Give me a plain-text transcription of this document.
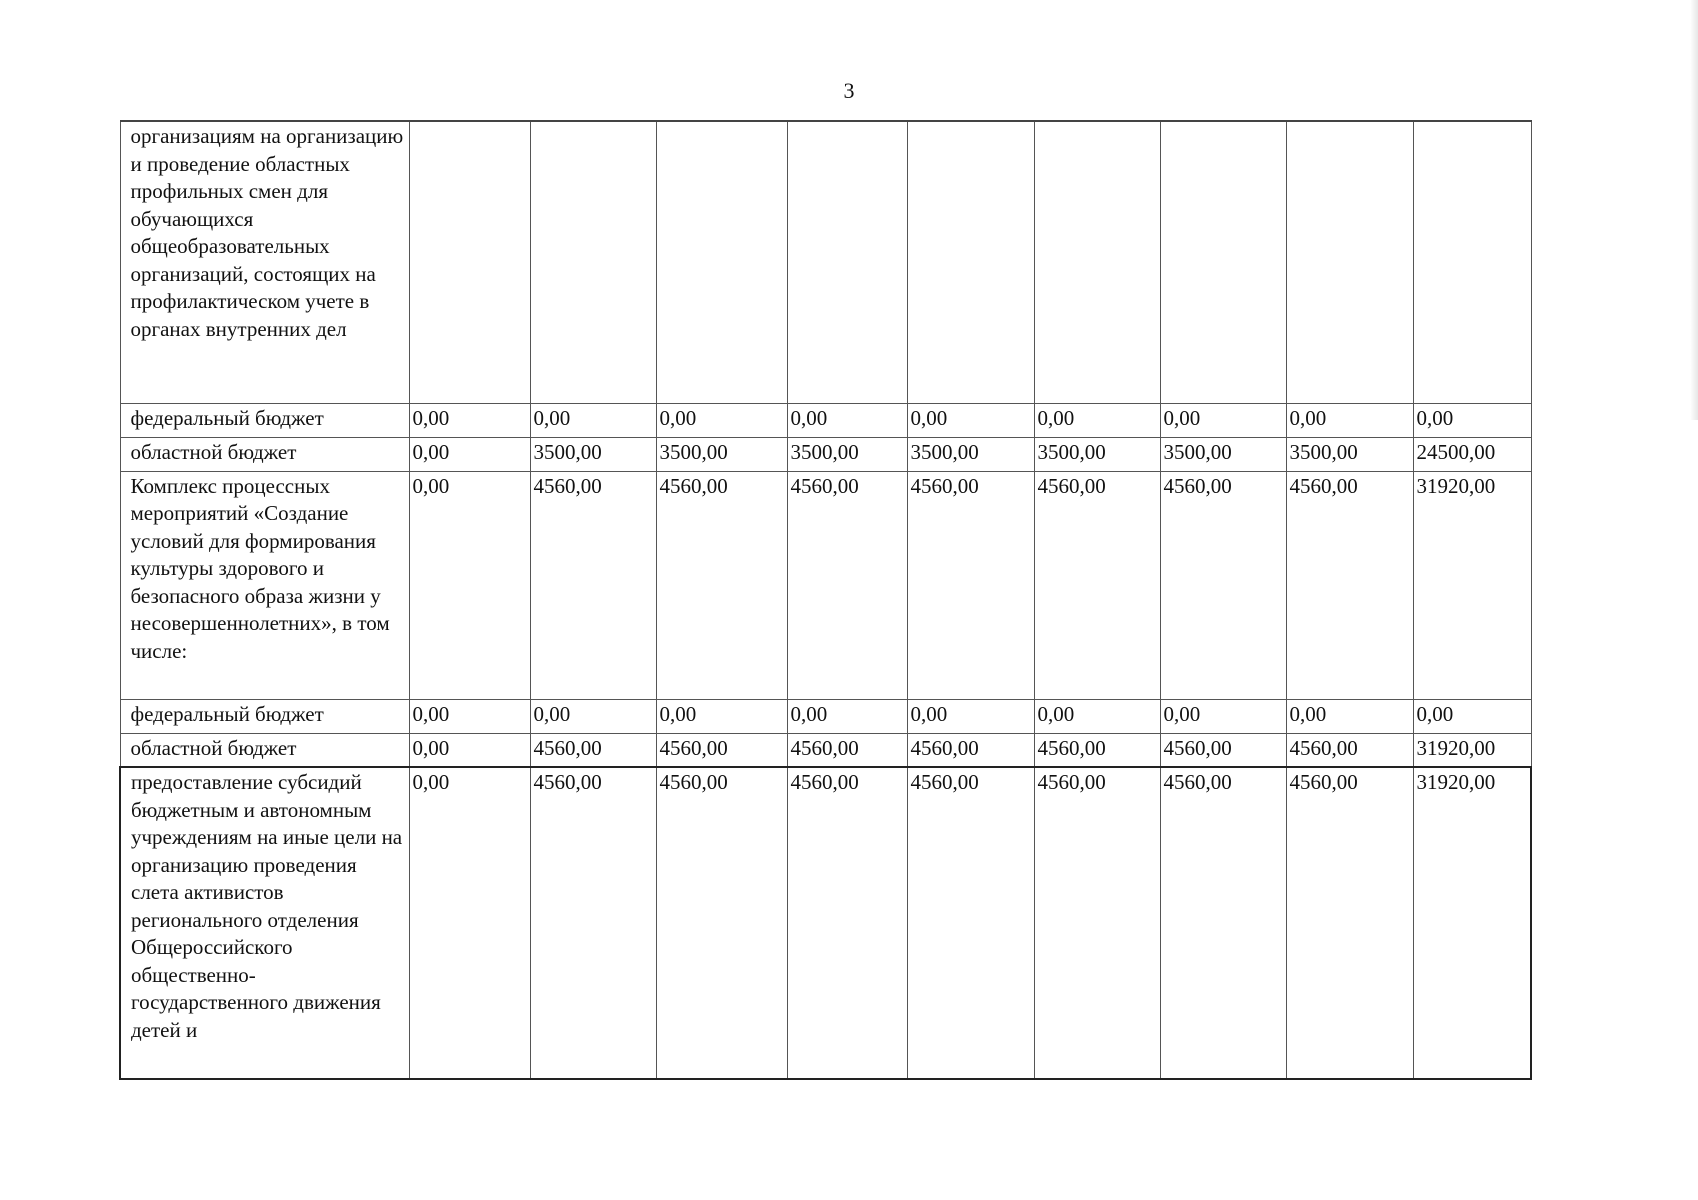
3
организациям на организацию и проведение областных профильных смен для обучающихся общеобразовательных организаций, состоящих на профилактическом учете в органах внутренних дел									
федеральный бюджет	0,00	0,00	0,00	0,00	0,00	0,00	0,00	0,00	0,00
областной бюджет	0,00	3500,00	3500,00	3500,00	3500,00	3500,00	3500,00	3500,00	24500,00
Комплекс процессных мероприятий «Создание условий для формирования культуры здорового и безопасного образа жизни у несовершеннолетних», в том числе:	0,00	4560,00	4560,00	4560,00	4560,00	4560,00	4560,00	4560,00	31920,00
федеральный бюджет	0,00	0,00	0,00	0,00	0,00	0,00	0,00	0,00	0,00
областной бюджет	0,00	4560,00	4560,00	4560,00	4560,00	4560,00	4560,00	4560,00	31920,00
предоставление субсидий бюджетным и автономным учреждениям на иные цели на организацию проведения слета активистов регионального отделения Общероссийского общественно-государственного движения детей и	0,00	4560,00	4560,00	4560,00	4560,00	4560,00	4560,00	4560,00	31920,00
